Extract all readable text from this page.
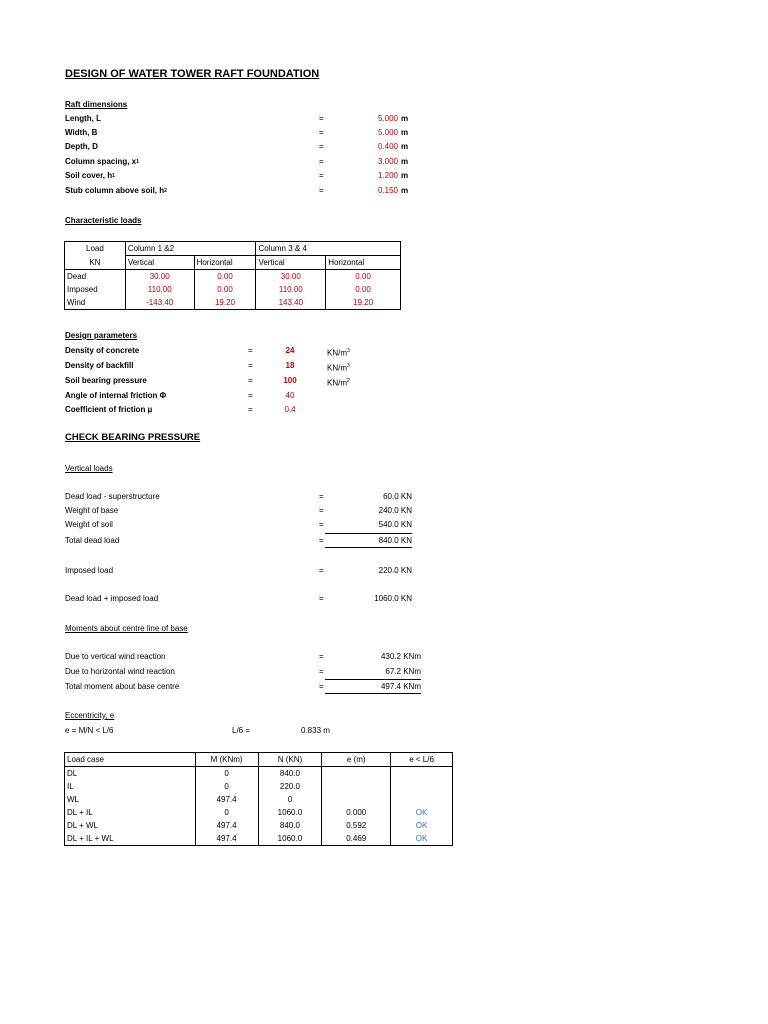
DESIGN OF WATER TOWER RAFT FOUNDATION
Raft dimensions
Length, L	=	5.000 m
Width, B	=	5.000 m
Depth, D	=	0.400 m
Column spacing, x 1	=	3.000 m
Soil cover, h 1	=	1.200 m
Stub column above soil, h 2	=	0.150 m
Characteristic loads
Load	Column 1 &2		Column 3 & 4	
KN	Vertical	Horizontal	Vertical	Horizontal
Dead	30.00	0.00	30.00	0.00
Imposed	110.00	0.00	110.00	0.00
Wind	-143.40	19.20	143.40	19.20
Design parameters
Density of concrete	=	24	$KN/m^3$
Density of backfill	=	18	$KN/m^3$
Soil bearing pressure	=	100	$KN/m^2$
Angle of internal friction Φ	=	40
Coefficient of friction µ	=	0.4
CHECK BEARING PRESSURE
Vertical loads
Dead load - superstructure	=	60.0 KN
Weight of base	=	240.0 KN
Weight of soil	=	540.0 KN
Total dead load	=	840.0 KN
Imposed load	=	220.0 KN
Dead load + imposed load	=	1060.0 KN
Moments about centre line of base
Due to vertical wind reaction	=	430.2 KNm
Due to horizontal wind reaction	=	67.2 KNm
Total moment about base centre	=	497.4 KNm
Eccentricity, e
e = M/N < L/6	L/6 =	0.833 m
Load case	M (KNm)	N (KN)	e (m)	e < L/6
DL	0	840.0		
IL	0	220.0		
WL	497.4	0		
DL + IL	0	1060.0	0.000	OK
DL + WL	497.4	840.0	0.592	OK
DL + IL + WL	497.4	1060.0	0.469	OK
